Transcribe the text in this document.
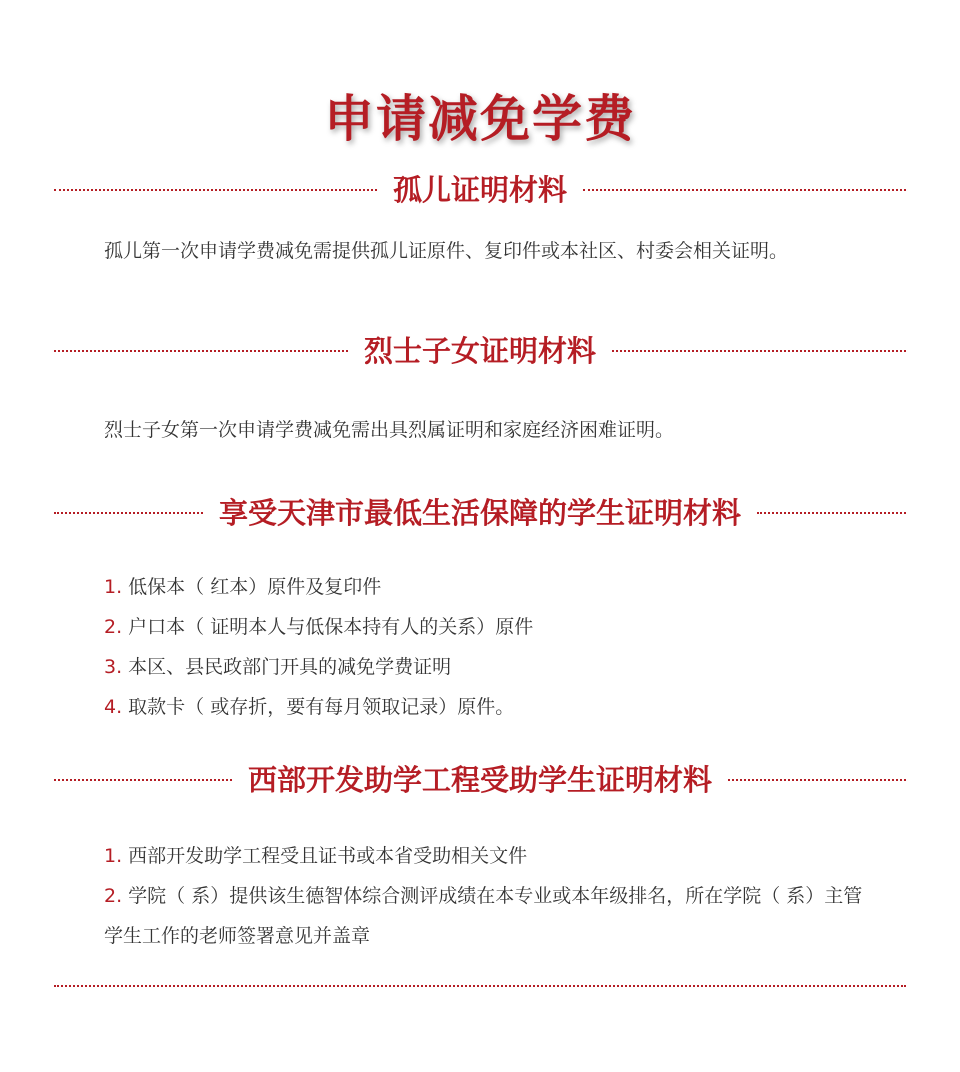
申请减免学费
孤儿证明材料

孤儿第一次申请学费减免需提供孤儿证原件、复印件或本社区、村委会相关证明。

烈士子女证明材料

烈士子女第一次申请学费减免需出具烈属证明和家庭经济困难证明。

享受天津市最低生活保障的学生证明材料
1. 低保本（ 红本）原件及复印件
2. 户口本（ 证明本人与低保本持有人的关系）原件
3. 本区、县民政部门开具的减免学费证明
4. 取款卡（ 或存折，要有每月领取记录）原件。
西部开发助学工程受助学生证明材料
1. 西部开发助学工程受且证书或本省受助相关文件
2. 学院（ 系）提供该生德智体综合测评成绩在本专业或本年级排名，所在学院（ 系）主管学生工作的老师签署意见并盖章
